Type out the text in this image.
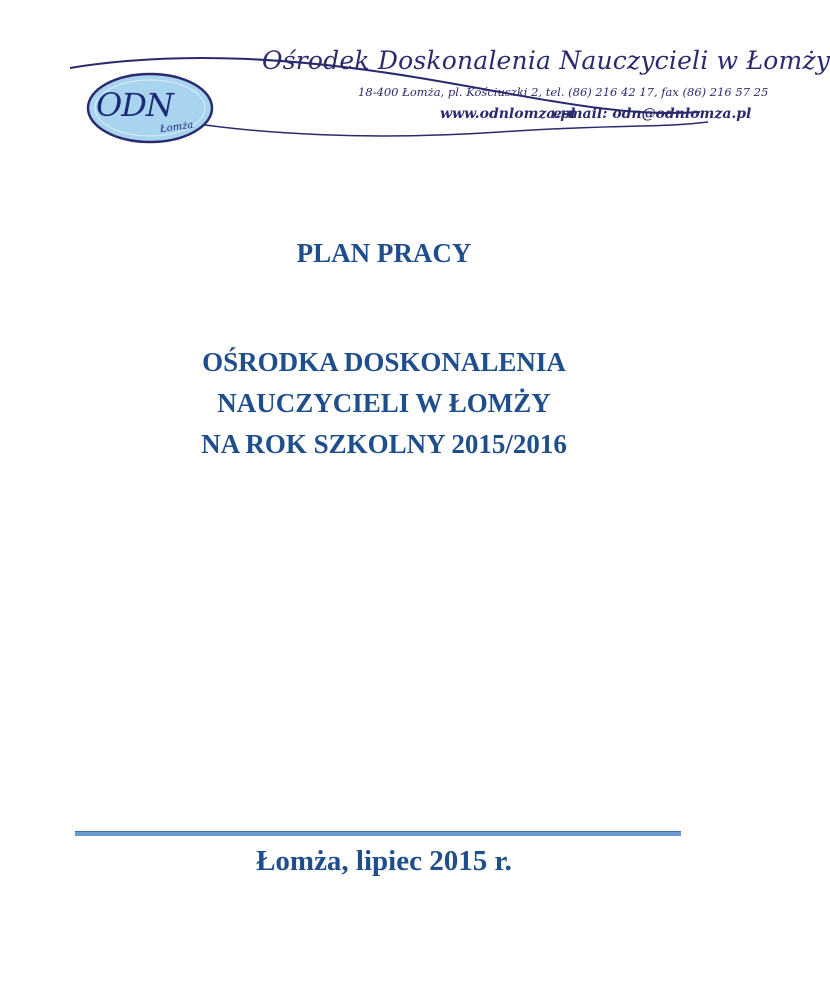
ODN
Łomża
Ośrodek Doskonalenia Nauczycieli w Łomży
18-400 Łomża, pl. Kościuszki 2, tel. (86) 216 42 17, fax (86) 216 57 25
www.odnlomza.pl
e-mail: odn@odnlomza.pl
PLAN PRACY
OŚRODKA DOSKONALENIA
NAUCZYCIELI W ŁOMŻY
NA ROK SZKOLNY 2015/2016

Łomża, lipiec 2015 r.
